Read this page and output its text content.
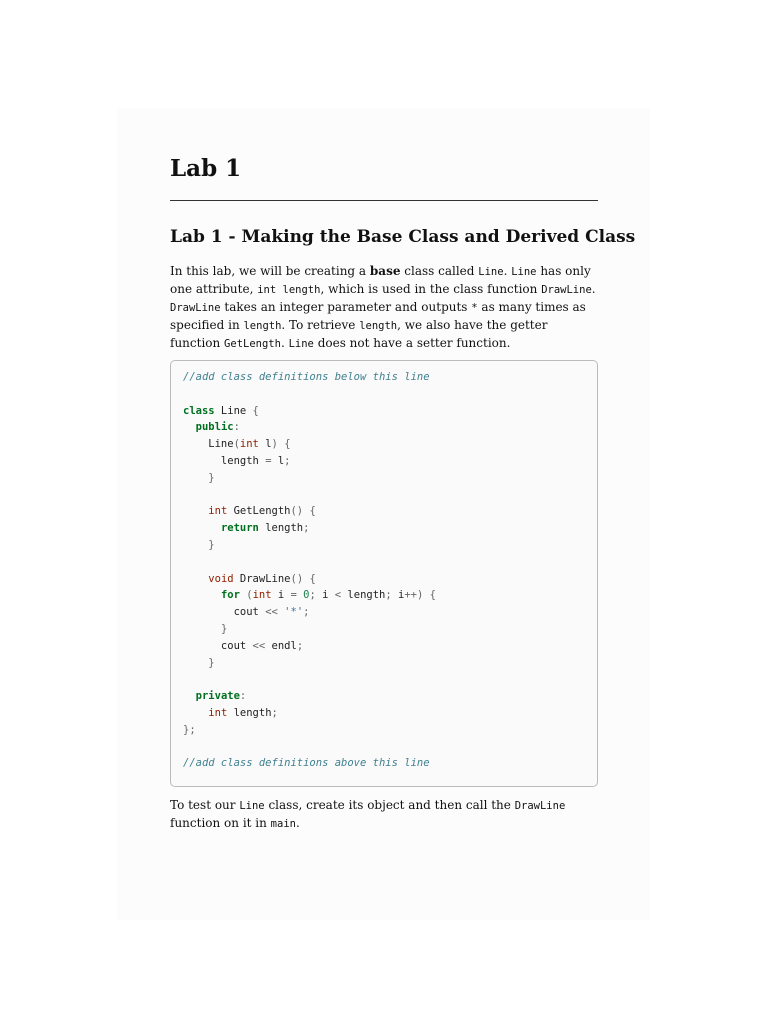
Lab 1
Lab 1 - Making the Base Class and Derived Class

In this lab, we will be creating a base class called Line. Line has only one attribute, int length, which is used in the class function DrawLine. DrawLine takes an integer parameter and outputs * as many times as specified in length. To retrieve length, we also have the getter function GetLength. Line does not have a setter function.

//add class definitions below this line
class Line {
public:
Line(int l) {
length = l;
}
int GetLength() {
return length;
}
void DrawLine() {
for (int i = 0; i < length; i++) {
cout << '*';
}
cout << endl;
}
private:
int length;
};
//add class definitions above this line

To test our Line class, create its object and then call the DrawLine function on it in main.
